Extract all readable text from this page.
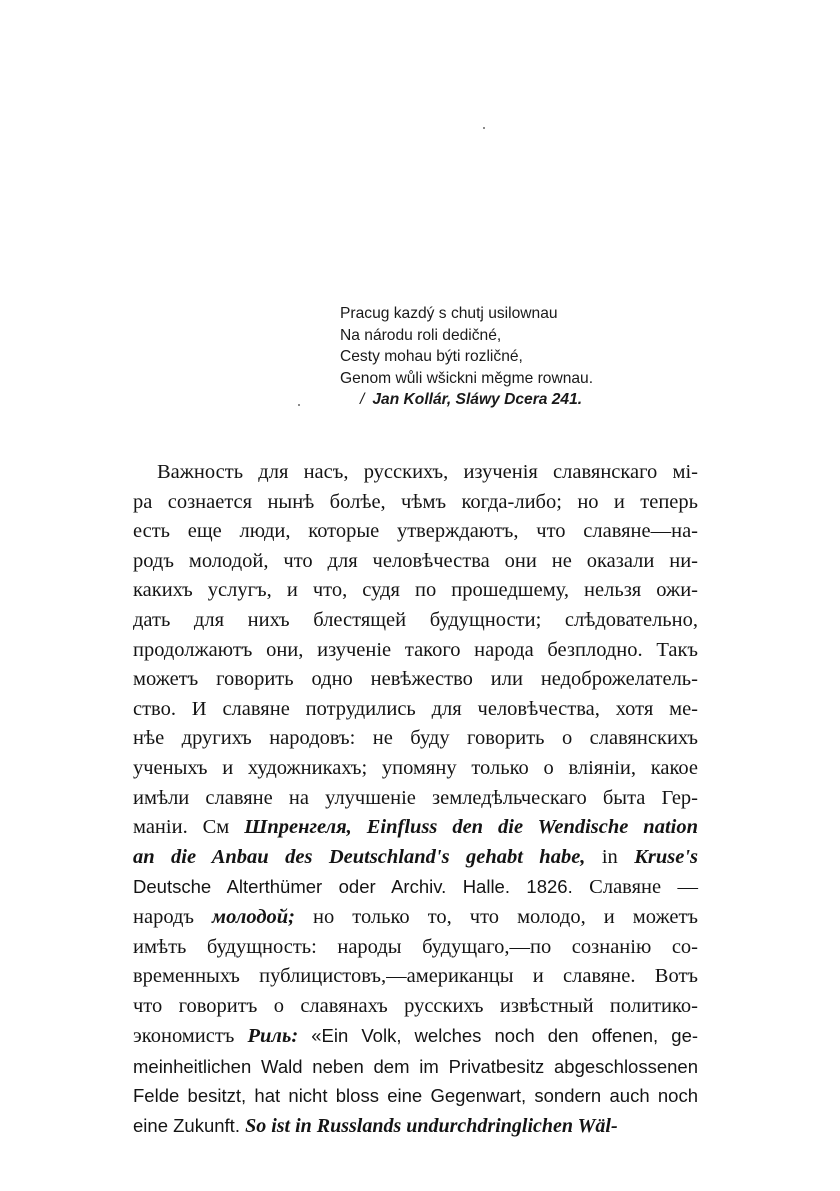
Pracug kazdý s chutj usilownau
Na národu roli dedičné,
Cesty mohau býti rozličné,
Genom wůli wšickni měgme rownau.
/ Jan Kollár, Sláwy Dcera 241.
Важность для насъ, русскихъ, изученія славянскаго мі-
ра сознается нынѣ болѣе, чѣмъ когда-либо; но и теперь
есть еще люди, которые утверждаютъ, что славяне—на-
родъ молодой, что для человѣчества они не оказали ни-
какихъ услугъ, и что, судя по прошедшему, нельзя ожи-
дать для нихъ блестящей будущности; слѣдовательно,
продолжаютъ они, изученіе такого народа безплодно. Такъ
можетъ говорить одно невѣжество или недоброжелатель-
ство. И славяне потрудились для человѣчества, хотя ме-
нѣе другихъ народовъ: не буду говорить о славянскихъ
ученыхъ и художникахъ; упомяну только о вліяніи, какое
имѣли славяне на улучшеніе земледѣльческаго быта Гер-
маніи. См Шпренгеля, Einfluss den die Wendische nation
an die Anbau des Deutschland's gehabt habe, in Kruse's
Deutsche Alterthümer oder Archiv. Halle. 1826. Славяне —
народъ молодой; но только то, что молодо, и можетъ
имѣть будущность: народы будущаго,—по сознанію со-
временныхъ публицистовъ,—американцы и славяне. Вотъ
что говоритъ о славянахъ русскихъ извѣстный политико-
экономистъ Риль: «Ein Volk, welches noch den offenen, ge-
meinheitlichen Wald neben dem im Privatbesitz abgeschlossenen
Felde besitzt, hat nicht bloss eine Gegenwart, sondern auch noch
eine Zukunft. So ist in Russlands undurchdringlichen Wäl-
